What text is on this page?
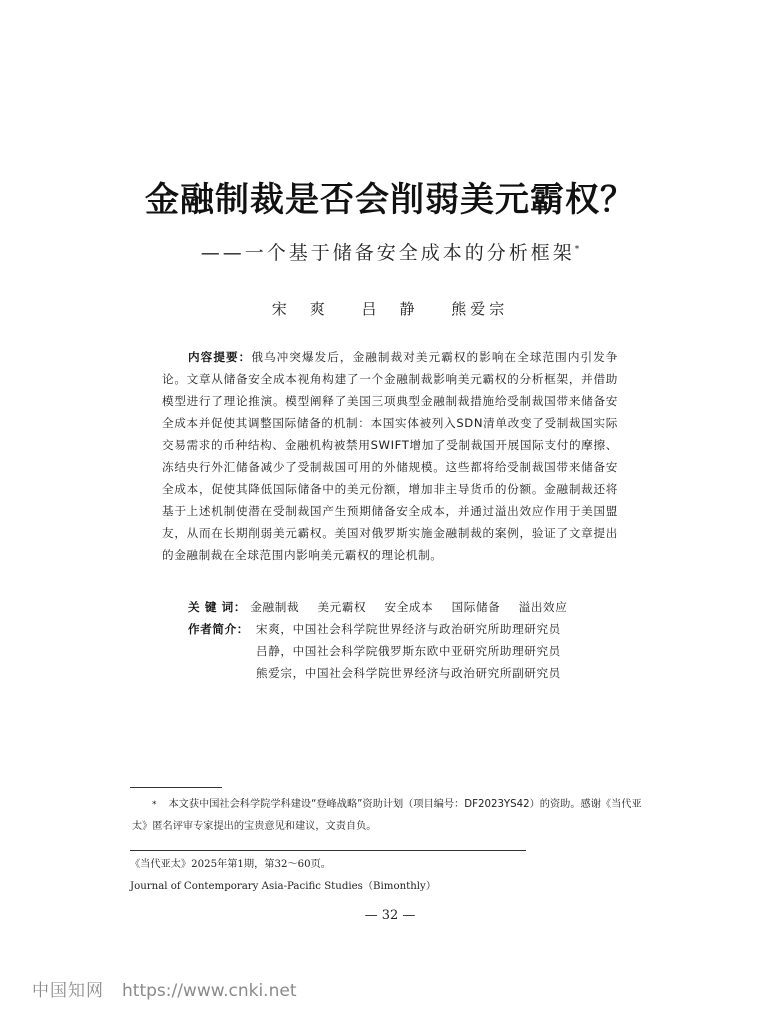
金融制裁是否会削弱美元霸权？
——一个基于储备安全成本的分析框架*
宋　爽 吕　静 熊爱宗
内容提要：俄乌冲突爆发后，金融制裁对美元霸权的影响在全球范围内引发争论。文章从储备安全成本视角构建了一个金融制裁影响美元霸权的分析框架，并借助模型进行了理论推演。模型阐释了美国三项典型金融制裁措施给受制裁国带来储备安全成本并促使其调整国际储备的机制：本国实体被列入SDN清单改变了受制裁国实际交易需求的币种结构、金融机构被禁用SWIFT增加了受制裁国开展国际支付的摩擦、冻结央行外汇储备减少了受制裁国可用的外储规模。这些都将给受制裁国带来储备安全成本，促使其降低国际储备中的美元份额，增加非主导货币的份额。金融制裁还将基于上述机制使潜在受制裁国产生预期储备安全成本，并通过溢出效应作用于美国盟友，从而在长期削弱美元霸权。美国对俄罗斯实施金融制裁的案例，验证了文章提出的金融制裁在全球范围内影响美元霸权的理论机制。
关 键 词： 金融制裁 美元霸权 安全成本 国际储备 溢出效应
作者简介： 宋爽，中国社会科学院世界经济与政治研究所助理研究员
吕静，中国社会科学院俄罗斯东欧中亚研究所助理研究员
熊爱宗，中国社会科学院世界经济与政治研究所副研究员
* 本文获中国社会科学院学科建设“登峰战略”资助计划（项目编号：DF2023YS42）的资助。感谢《当代亚太》匿名评审专家提出的宝贵意见和建议，文责自负。
《当代亚太》2025年第1期，第32～60页。
Journal of Contemporary Asia-Pacific Studies（Bimonthly）
— 32 —
中国知网 https://www.cnki.net
